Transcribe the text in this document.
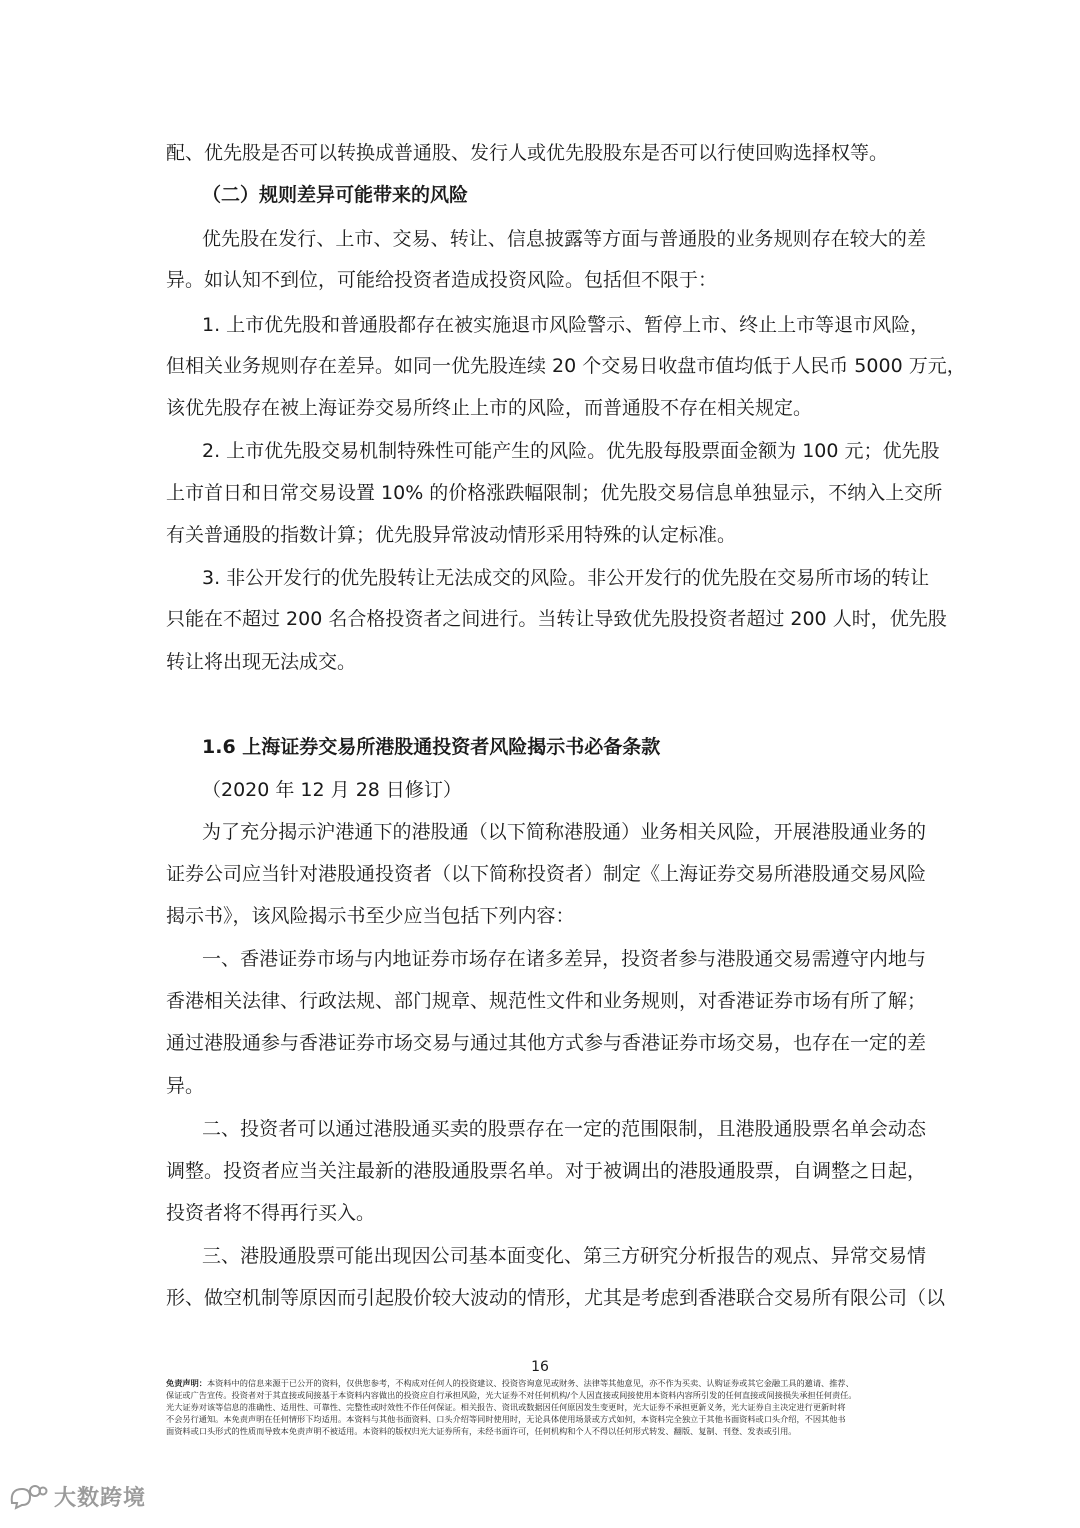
配、优先股是否可以转换成普通股、发行人或优先股股东是否可以行使回购选择权等。
（二）规则差异可能带来的风险
优先股在发行、上市、交易、转让、信息披露等方面与普通股的业务规则存在较大的差
异。如认知不到位，可能给投资者造成投资风险。包括但不限于：
1. 上市优先股和普通股都存在被实施退市风险警示、暂停上市、终止上市等退市风险，
但相关业务规则存在差异。如同一优先股连续 20 个交易日收盘市值均低于人民币 5000 万元，
该优先股存在被上海证券交易所终止上市的风险，而普通股不存在相关规定。
2. 上市优先股交易机制特殊性可能产生的风险。优先股每股票面金额为 100 元；优先股
上市首日和日常交易设置 10% 的价格涨跌幅限制；优先股交易信息单独显示，不纳入上交所
有关普通股的指数计算；优先股异常波动情形采用特殊的认定标准。
3. 非公开发行的优先股转让无法成交的风险。非公开发行的优先股在交易所市场的转让
只能在不超过 200 名合格投资者之间进行。当转让导致优先股投资者超过 200 人时，优先股
转让将出现无法成交。
1.6 上海证券交易所港股通投资者风险揭示书必备条款
（2020 年 12 月 28 日修订）
为了充分揭示沪港通下的港股通（以下简称港股通）业务相关风险，开展港股通业务的
证券公司应当针对港股通投资者（以下简称投资者）制定《上海证券交易所港股通交易风险
揭示书》，该风险揭示书至少应当包括下列内容：
一、香港证券市场与内地证券市场存在诸多差异，投资者参与港股通交易需遵守内地与
香港相关法律、行政法规、部门规章、规范性文件和业务规则，对香港证券市场有所了解；
通过港股通参与香港证券市场交易与通过其他方式参与香港证券市场交易，也存在一定的差
异。
二、投资者可以通过港股通买卖的股票存在一定的范围限制，且港股通股票名单会动态
调整。投资者应当关注最新的港股通股票名单。对于被调出的港股通股票，自调整之日起，
投资者将不得再行买入。
三、港股通股票可能出现因公司基本面变化、第三方研究分析报告的观点、异常交易情
形、做空机制等原因而引起股价较大波动的情形，尤其是考虑到香港联合交易所有限公司（以
16
免责声明：本资料中的信息来源于已公开的资料，仅供您参考，不构成对任何人的投资建议、投资咨询意见或财务、法律等其他意见，亦不作为买卖、认购证券或其它金融工具的邀请、推荐、
保证或广告宣传。投资者对于其直接或间接基于本资料内容做出的投资应自行承担风险，光大证券不对任何机构/个人因直接或间接使用本资料内容所引发的任何直接或间接损失承担任何责任。
光大证券对该等信息的准确性、适用性、可靠性、完整性或时效性不作任何保证。相关报告、资讯或数据因任何原因发生变更时，光大证券不承担更新义务，光大证券自主决定进行更新时将
不会另行通知。本免责声明在任何情形下均适用。本资料与其他书面资料、口头介绍等同时使用时，无论具体使用场景或方式如何，本资料完全独立于其他书面资料或口头介绍，不因其他书
面资料或口头形式的性质而导致本免责声明不被适用。本资料的版权归光大证券所有，未经书面许可，任何机构和个人不得以任何形式转发、翻版、复制、刊登、发表或引用。
大数跨境
